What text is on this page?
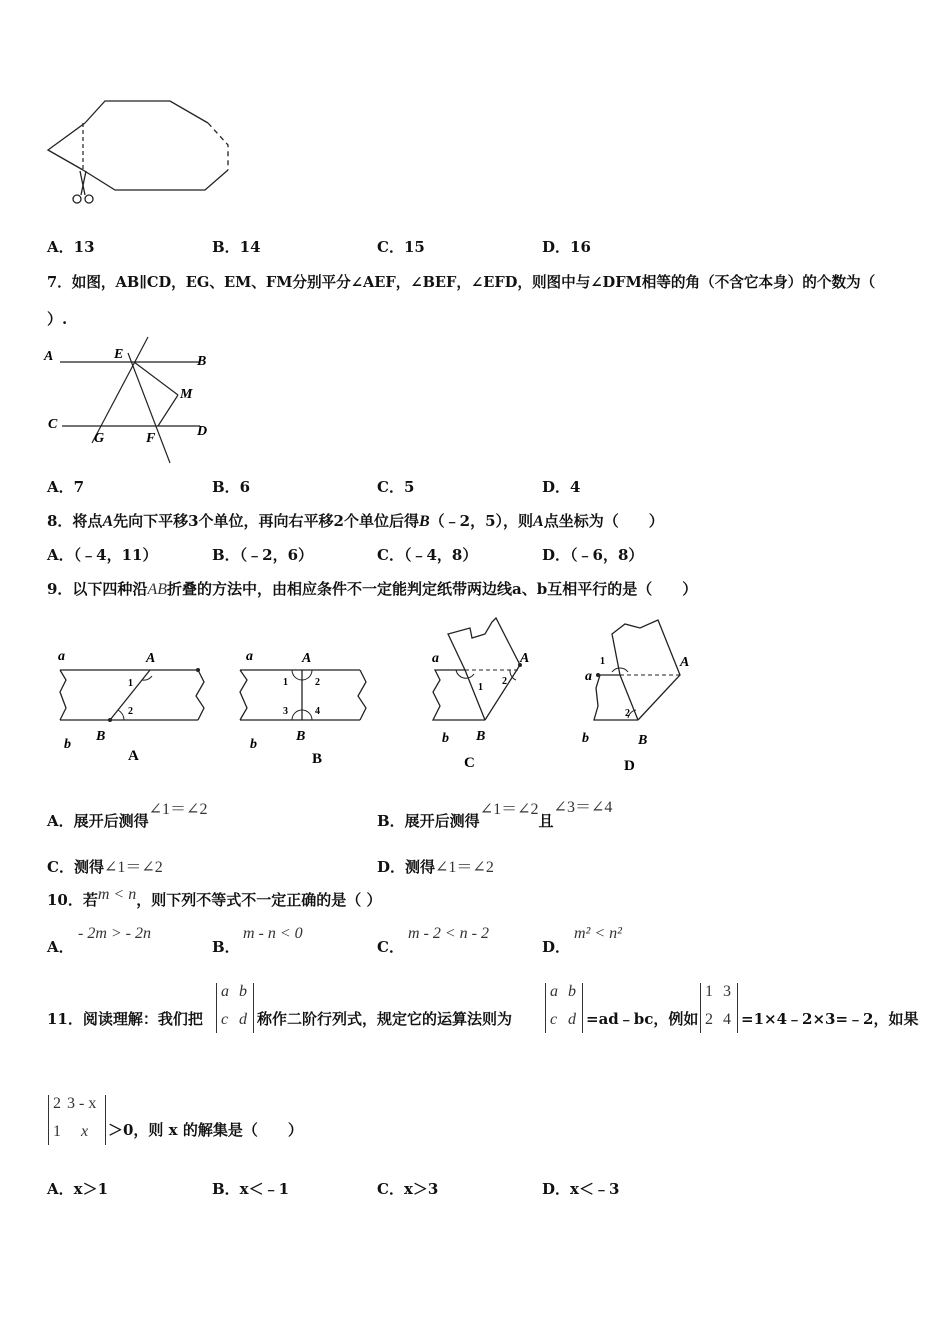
A．13	B．14	C．15	D．16
7．如图，AB∥CD，EG、EM、FM分别平分∠AEF，∠BEF，∠EFD，则图中与∠DFM相等的角（不含它本身）的个数为（
）.
A	B
E
M
C	D
G	F
A．7	B．6	C．5	D．4
8．将点A先向下平移3个单位，再向右平移2个单位后得B（﹣2，5），则A点坐标为（　　）
A．（﹣4，11）	B．（﹣2，6）	C．（﹣4，8）	D．（﹣6，8）
9．以下四种沿AB折叠的方法中，由相应条件不一定能判定纸带两边线a、b互相平行的是（　　）
a	A
1
2
b
B
A
a	A
1	2
3	4
b
B
B
a	A
1
2
b B
C
1
a
A
2
b	B
D
A．展开后测得∠1＝∠2
B．展开后测得∠1＝∠2且∠3＝∠4
C．测得∠1＝∠2	D．测得∠1＝∠2
10．若m < n，则下列不等式不一定正确的是（ ）
A．
- 2m > - 2n
B．
m - n < 0
C．
m - 2 < n - 2
D．
m² < n²
11．阅读理解：我们把
a b
c d 称作二阶行列式，规定它的运算法则为
a b
c d =ad﹣bc，例如
1 3
2 4 =1×4﹣2×3=﹣2，如果
2 3 - x
1 x ＞0，则 x 的解集是（　　）
A．x＞1	B．x＜﹣1	C．x＞3	D．x＜﹣3
